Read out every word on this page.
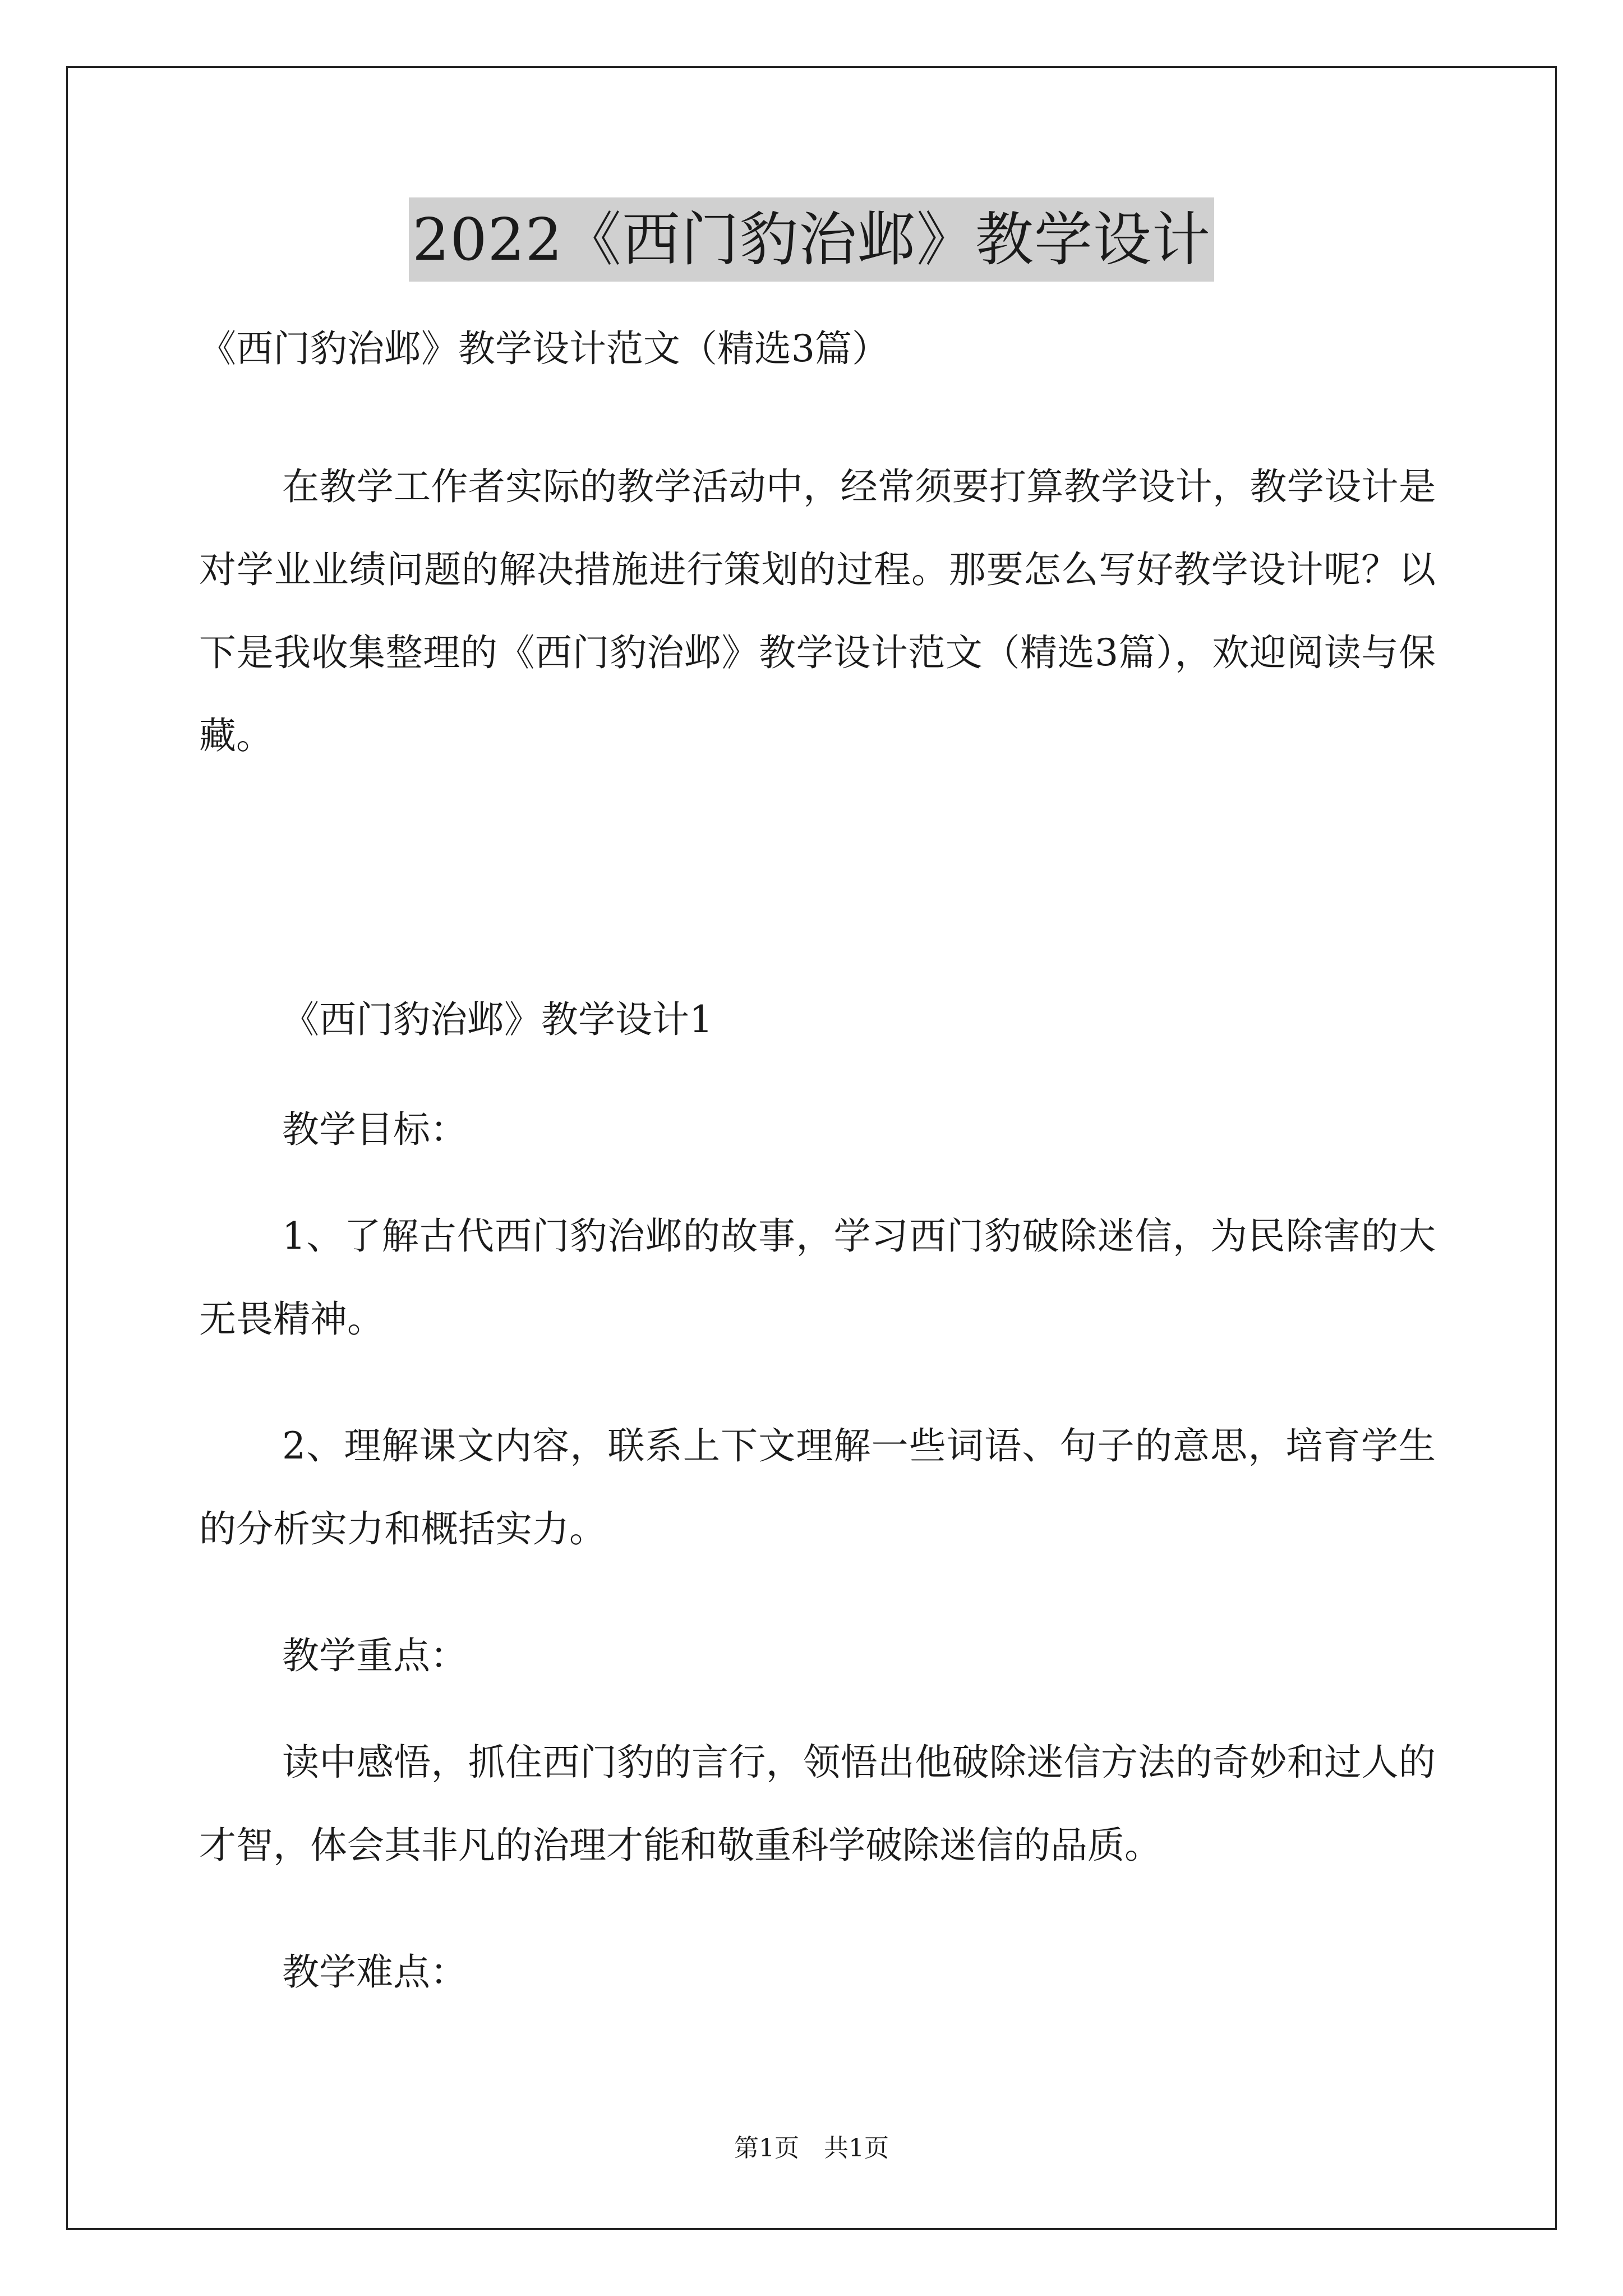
2022《西门豹治邺》教学设计

《西门豹治邺》教学设计范文（精选3篇）

在教学工作者实际的教学活动中，经常须要打算教学设计，教学设计是对学业业绩问题的解决措施进行策划的过程。那要怎么写好教学设计呢？以下是我收集整理的《西门豹治邺》教学设计范文（精选3篇），欢迎阅读与保藏。

《西门豹治邺》教学设计1

教学目标：

1、了解古代西门豹治邺的故事，学习西门豹破除迷信，为民除害的大无畏精神。

2、理解课文内容，联系上下文理解一些词语、句子的意思，培育学生的分析实力和概括实力。

教学重点：

读中感悟，抓住西门豹的言行，领悟出他破除迷信方法的奇妙和过人的才智，体会其非凡的治理才能和敬重科学破除迷信的品质。

教学难点：

第1页　共1页
